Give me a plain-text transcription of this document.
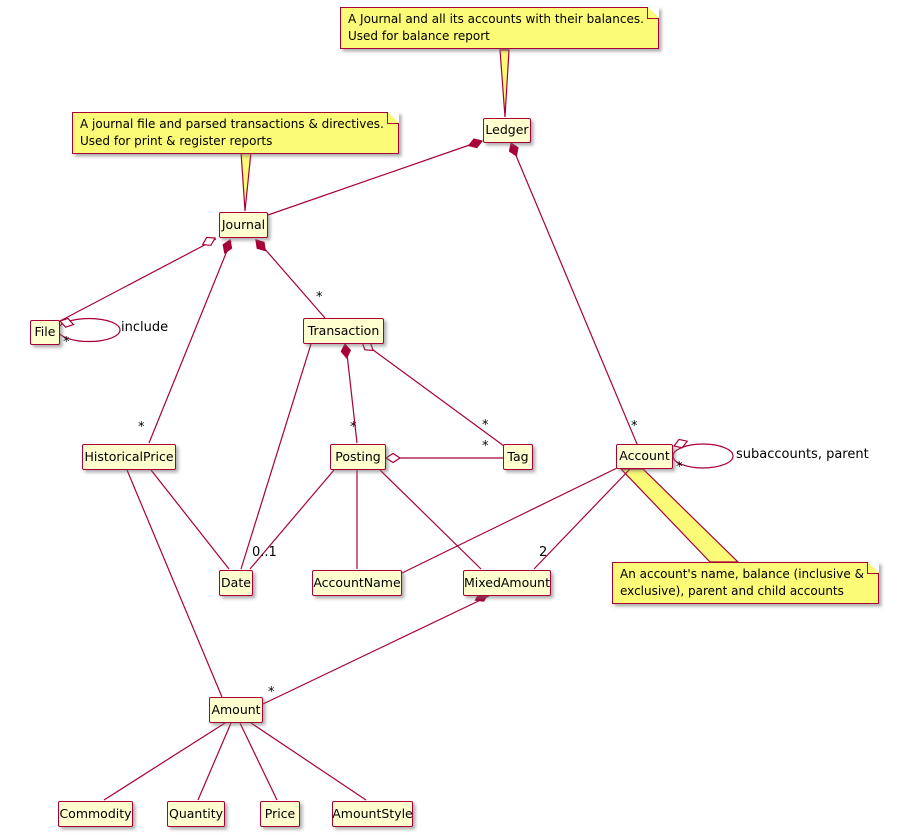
A Journal and all its accounts with their balances.
Used for balance report
A journal file and parsed transactions & directives.
Used for print & register reports
An account's name, balance (inclusive &
exclusive), parent and child accounts
Ledger
Journal
File	Transaction
HistoricalPrice	Posting	Tag	Account
Date	AccountName	MixedAmount
Amount
Commodity	Quantity	Price	AmountStyle
*
*	*
*	*
*
0..1	2
*
*
include
*
subaccounts, parent
